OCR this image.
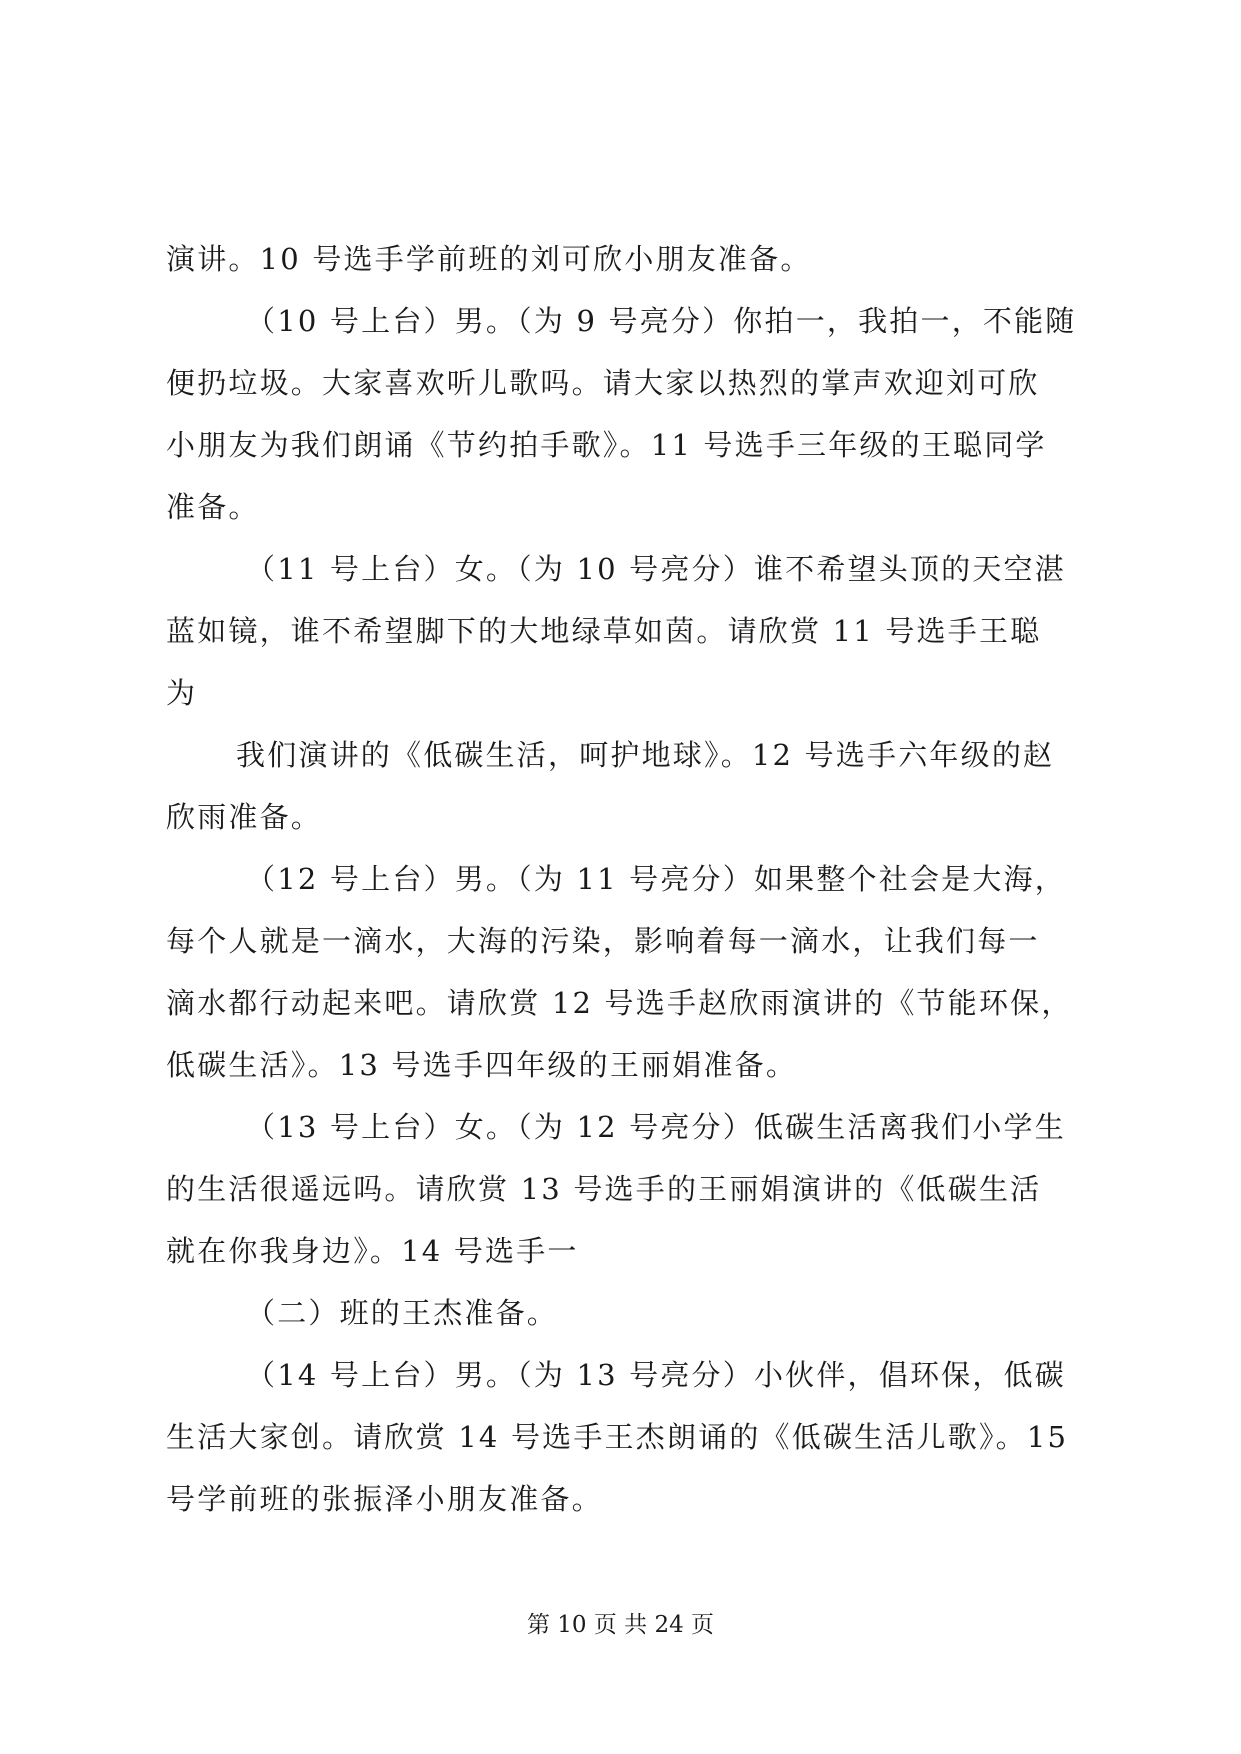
演讲。10 号选手学前班的刘可欣小朋友准备。
（10 号上台）男。（为 9 号亮分）你拍一，我拍一，不能随
便扔垃圾。大家喜欢听儿歌吗。请大家以热烈的掌声欢迎刘可欣
小朋友为我们朗诵《节约拍手歌》。11 号选手三年级的王聪同学
准备。
（11 号上台）女。（为 10 号亮分）谁不希望头顶的天空湛
蓝如镜，谁不希望脚下的大地绿草如茵。请欣赏 11 号选手王聪
为
我们演讲的《低碳生活，呵护地球》。12 号选手六年级的赵
欣雨准备。
（12 号上台）男。（为 11 号亮分）如果整个社会是大海，
每个人就是一滴水，大海的污染，影响着每一滴水，让我们每一
滴水都行动起来吧。请欣赏 12 号选手赵欣雨演讲的《节能环保，
低碳生活》。13 号选手四年级的王丽娟准备。
（13 号上台）女。（为 12 号亮分）低碳生活离我们小学生
的生活很遥远吗。请欣赏 13 号选手的王丽娟演讲的《低碳生活
就在你我身边》。14 号选手一
（二）班的王杰准备。
（14 号上台）男。（为 13 号亮分）小伙伴，倡环保，低碳
生活大家创。请欣赏 14 号选手王杰朗诵的《低碳生活儿歌》。15
号学前班的张振泽小朋友准备。
第 10 页 共 24 页
